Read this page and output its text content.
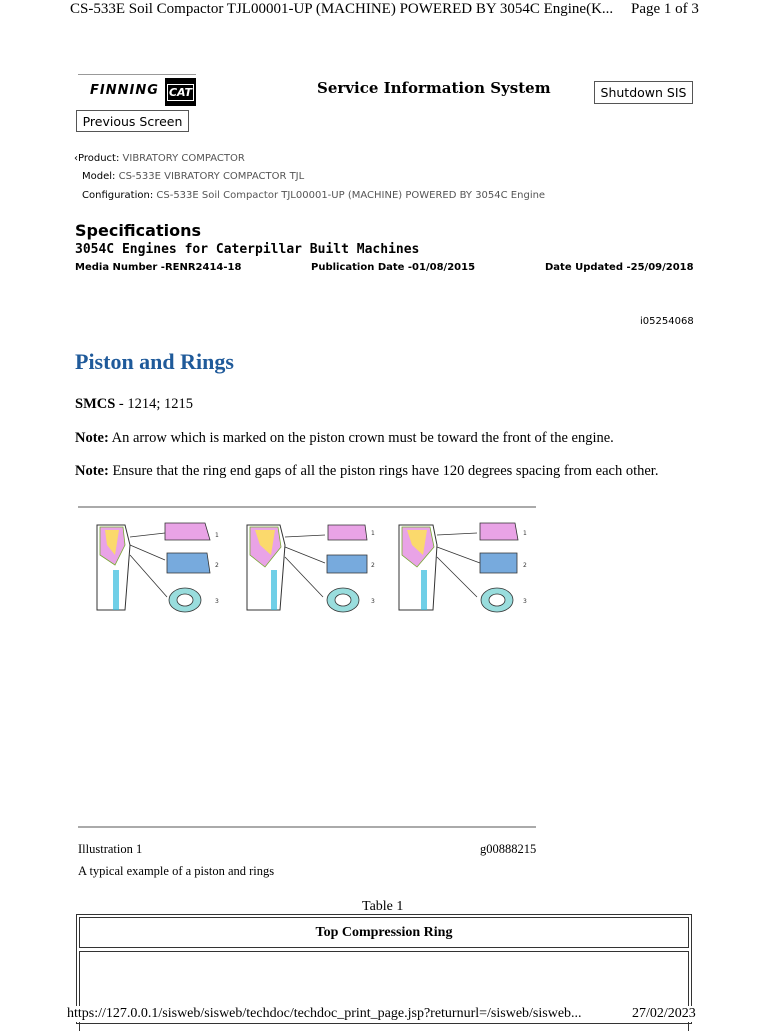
CS-533E Soil Compactor TJL00001-UP (MACHINE) POWERED BY 3054C Engine(K... Page 1 of 3
FINNING CAT	Service Information System	Shutdown SIS
Previous Screen
‹Product: VIBRATORY COMPACTOR
Model: CS-533E VIBRATORY COMPACTOR TJL
Configuration: CS-533E Soil Compactor TJL00001-UP (MACHINE) POWERED BY 3054C Engine
Specifications
3054C Engines for Caterpillar Built Machines
Media Number -RENR2414-18	Publication Date -01/08/2015	Date Updated -25/09/2018
i05254068
Piston and Rings
SMCS - 1214; 1215
Note: An arrow which is marked on the piston crown must be toward the front of the engine.
Note: Ensure that the ring end gaps of all the piston rings have 120 degrees spacing from each other.
1
2
3
1
2
3
1
2
3
Illustration 1	g00888215
A typical example of a piston and rings
Table 1
Top Compression Ring
https://127.0.0.1/sisweb/sisweb/techdoc/techdoc_print_page.jsp?returnurl=/sisweb/sisweb...	27/02/2023
